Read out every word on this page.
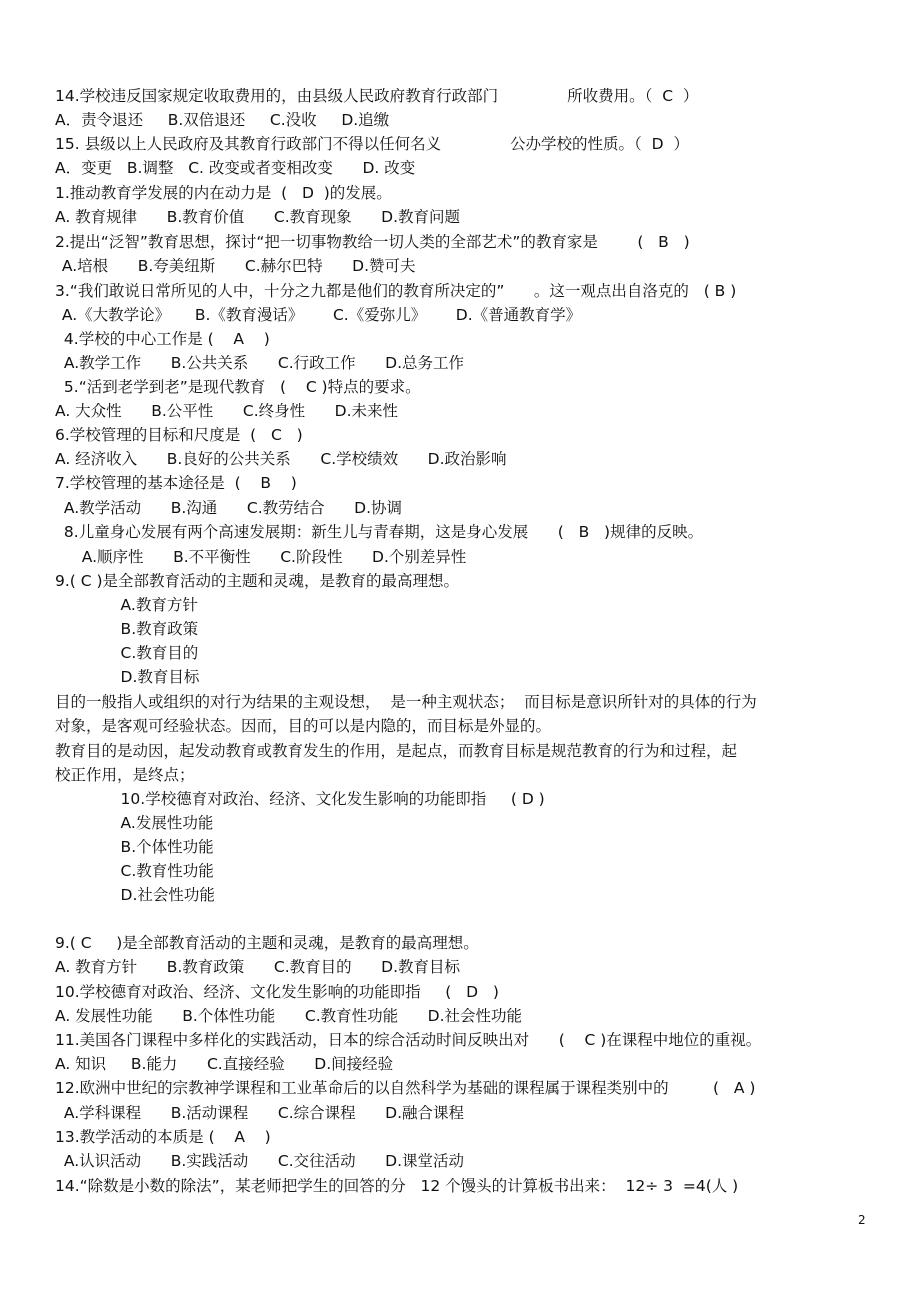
14.学校违反国家规定收取费用的，由县级人民政府教育行政部门              所收费用。（  C  ）
A．责令退还     B.双倍退还     C.没收     D.追缴
15. 县级以上人民政府及其教育行政部门不得以任何名义              公办学校的性质。（  D  ）
A．变更   B.调整   C. 改变或者变相改变      D. 改变
1.推动教育学发展的内在动力是  (   D  )的发展。
A. 教育规律      B.教育价值      C.教育现象      D.教育问题
2.提出“泛智”教育思想，探讨“把一切事物教给一切人类的全部艺术”的教育家是        (   B   )
A.培根      B.夸美纽斯      C.赫尔巴特      D.赞可夫
3.“我们敢说日常所见的人中，十分之九都是他们的教育所决定的”      。这一观点出自洛克的   ( B )
A.《大教学论》     B.《教育漫话》      C.《爱弥儿》      D.《普通教育学》
4.学校的中心工作是 (    A    )
A.教学工作      B.公共关系      C.行政工作      D.总务工作
5.“活到老学到老”是现代教育   (    C )特点的要求。
A. 大众性      B.公平性      C.终身性      D.未来性
6.学校管理的目标和尺度是  (   C   )
A. 经济收入      B.良好的公共关系      C.学校绩效      D.政治影响
7.学校管理的基本途径是  (    B    )
A.教学活动      B.沟通      C.教劳结合      D.协调
8.儿童身心发展有两个高速发展期：新生儿与青春期，这是身心发展      (   B   )规律的反映。
A.顺序性      B.不平衡性      C.阶段性      D.个别差异性
9.( C )是全部教育活动的主题和灵魂，是教育的最高理想。
A.教育方针
B.教育政策
C.教育目的
D.教育目标
目的一般指人或组织的对行为结果的主观设想，  是一种主观状态；  而目标是意识所针对的具体的行为
对象，是客观可经验状态。因而，目的可以是内隐的，而目标是外显的。
教育目的是动因，起发动教育或教育发生的作用，是起点，而教育目标是规范教育的行为和过程，起
校正作用，是终点；
10.学校德育对政治、经济、文化发生影响的功能即指     ( D )
A.发展性功能
B.个体性功能
C.教育性功能
D.社会性功能
9.( C     )是全部教育活动的主题和灵魂，是教育的最高理想。
A. 教育方针      B.教育政策      C.教育目的      D.教育目标
10.学校德育对政治、经济、文化发生影响的功能即指     (   D   )
A. 发展性功能      B.个体性功能      C.教育性功能      D.社会性功能
11.美国各门课程中多样化的实践活动，日本的综合活动时间反映出对      (    C )在课程中地位的重视。
A. 知识     B.能力      C.直接经验      D.间接经验
12.欧洲中世纪的宗教神学课程和工业革命后的以自然科学为基础的课程属于课程类别中的         (   A )
A.学科课程      B.活动课程      C.综合课程      D.融合课程
13.教学活动的本质是 (    A    )
A.认识活动      B.实践活动      C.交往活动      D.课堂活动
14.“除数是小数的除法”，某老师把学生的回答的分   12 个馒头的计算板书出来：  12÷ 3  =4(人 )
2
